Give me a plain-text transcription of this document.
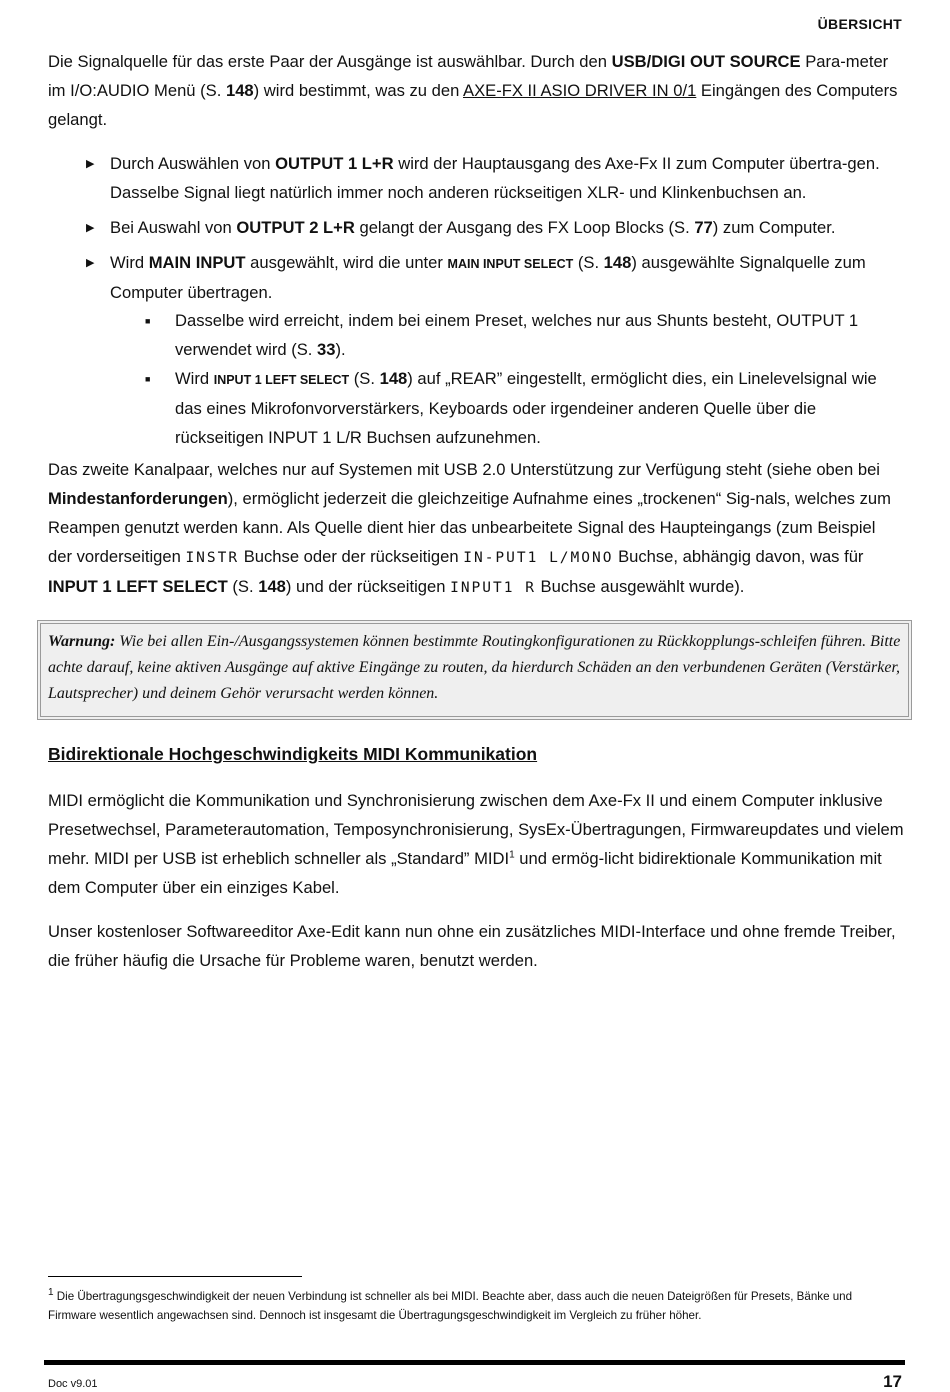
ÜBERSICHT

Die Signalquelle für das erste Paar der Ausgänge ist auswählbar. Durch den USB/DIGI OUT SOURCE Para-meter im I/O:AUDIO Menü (S. 148) wird bestimmt, was zu den AXE-FX II ASIO DRIVER IN 0/1 Eingängen des Computers gelangt.

▶ Durch Auswählen von OUTPUT 1 L+R wird der Hauptausgang des Axe-Fx II zum Computer übertra-gen.
Dasselbe Signal liegt natürlich immer noch anderen rückseitigen XLR- und Klinkenbuchsen an.
▶ Bei Auswahl von OUTPUT 2 L+R gelangt der Ausgang des FX Loop Blocks (S. 77) zum Computer.
▶ Wird MAIN INPUT ausgewählt, wird die unter MAIN INPUT SELECT (S. 148) ausgewählte Signalquelle zum Computer übertragen.
■ Dasselbe wird erreicht, indem bei einem Preset, welches nur aus Shunts besteht, OUTPUT 1 verwendet wird (S. 33).
■ Wird INPUT 1 LEFT SELECT (S. 148) auf „REAR” eingestellt, ermöglicht dies, ein Linelevelsignal wie das eines Mikrofonvorverstärkers, Keyboards oder irgendeiner anderen Quelle über die rückseitigen INPUT 1 L/R Buchsen aufzunehmen.

Das zweite Kanalpaar, welches nur auf Systemen mit USB 2.0 Unterstützung zur Verfügung steht (siehe oben bei Mindestanforderungen), ermöglicht jederzeit die gleichzeitige Aufnahme eines „trockenen“ Sig-nals, welches zum Reampen genutzt werden kann. Als Quelle dient hier das unbearbeitete Signal des Haupteingangs (zum Beispiel der vorderseitigen INSTR Buchse oder der rückseitigen IN-PUT1 L/MONO Buchse, abhängig davon, was für INPUT 1 LEFT SELECT (S. 148) und der rückseitigen INPUT1 R Buchse ausgewählt wurde).

Warnung: Wie bei allen Ein-/Ausgangssystemen können bestimmte Routingkonfigurationen zu Rückkopplungs-schleifen führen. Bitte achte darauf, keine aktiven Ausgänge auf aktive Eingänge zu routen, da hierdurch Schäden an den verbundenen Geräten (Verstärker, Lautsprecher) und deinem Gehör verursacht werden können.
Bidirektionale Hochgeschwindigkeits MIDI Kommunikation

MIDI ermöglicht die Kommunikation und Synchronisierung zwischen dem Axe-Fx II und einem Computer inklusive Presetwechsel, Parameterautomation, Temposynchronisierung, SysEx-Übertragungen, Firmwareupdates und vielem mehr. MIDI per USB ist erheblich schneller als „Standard” MIDI$^1$ und ermög-licht bidirektionale Kommunikation mit dem Computer über ein einziges Kabel.

Unser kostenloser Softwareeditor Axe-Edit kann nun ohne ein zusätzliches MIDI-Interface und ohne fremde Treiber, die früher häufig die Ursache für Probleme waren, benutzt werden.

$^1$ Die Übertragungsgeschwindigkeit der neuen Verbindung ist schneller als bei MIDI. Beachte aber, dass auch die neuen Dateigrößen für Presets, Bänke und Firmware wesentlich angewachsen sind. Dennoch ist insgesamt die Übertragungsgeschwindigkeit im Vergleich zu früher höher.
Doc v9.01	17
